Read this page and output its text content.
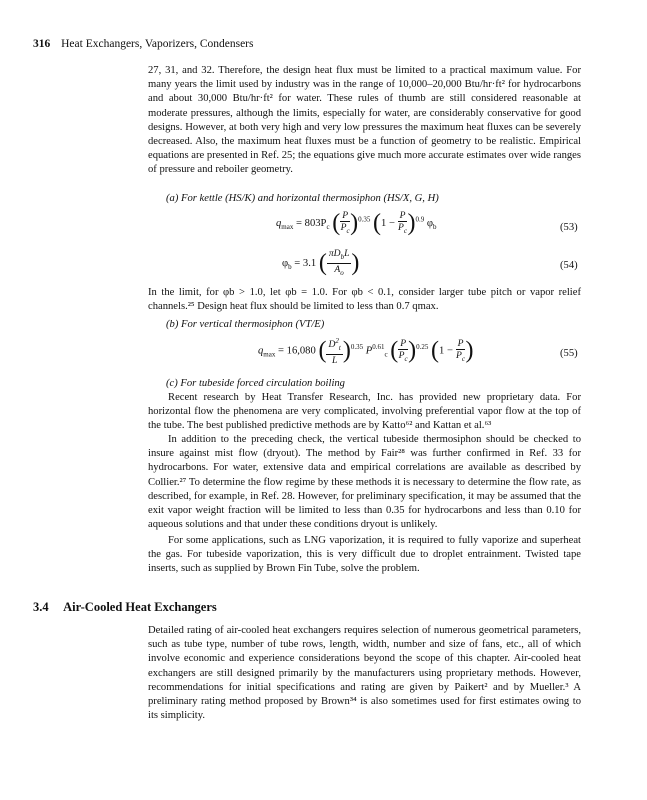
316 Heat Exchangers, Vaporizers, Condensers

27, 31, and 32. Therefore, the design heat flux must be limited to a practical maximum value. For many years the limit used by industry was in the range of 10,000–20,000 Btu/hr·ft² for hydrocarbons and about 30,000 Btu/hr·ft² for water. These rules of thumb are still considered reasonable at moderate pressures, although the limits, especially for water, are considerably conservative for good designs. However, at both very high and very low pressures the maximum heat fluxes can be severely decreased. Also, the maximum heat fluxes must be a function of geometry to be realistic. Empirical equations are presented in Ref. 25; the equations give much more accurate estimates over wide ranges of pressure and reboiler geometry.

(a) For kettle (HS/K) and horizontal thermosiphon (HS/X, G, H)
$q_{max} = 803P_c$ ( $\frac{P}{P_c} )^{0.35}$ $(1 - \frac{P}{P_c} )^{0.9}$ $\varphi_b$	(53)
$\varphi_b = 3.1$ ( $\frac{\pi D_bL}{A_o}$ )	(54)

In the limit, for φb > 1.0, let φb = 1.0. For φb < 0.1, consider larger tube pitch or vapor relief channels.²⁵ Design heat flux should be limited to less than 0.7 qmax.

(b) For vertical thermosiphon (VT/E)
$q_{max} = 16,080$ ( $\frac{D^2_t}{L} )^{0.35}$ $P^{0.61}_c$ ( $\frac{P}{P_c} )^{0.25}$ ($1 - \frac{P}{P_c}$ )	(55)
(c) For tubeside forced circulation boiling

Recent research by Heat Transfer Research, Inc. has provided new proprietary data. For horizontal flow the phenomena are very complicated, involving preferential vapor flow at the top of the tube. The best published predictive methods are by Katto⁶² and Kattan et al.⁶³

In addition to the preceding check, the vertical tubeside thermosiphon should be checked to insure against mist flow (dryout). The method by Fair²⁸ was further confirmed in Ref. 33 for hydrocarbons. For water, extensive data and empirical correlations are available as described by Collier.²⁷ To determine the flow regime by these methods it is necessary to determine the flow rate, as described, for example, in Ref. 28. However, for preliminary specification, it may be assumed that the exit vapor weight fraction will be limited to less than 0.35 for hydrocarbons and less than 0.10 for aqueous solutions and that under these conditions dryout is unlikely.

For some applications, such as LNG vaporization, it is required to fully vaporize and superheat the gas. For tubeside vaporization, this is very difficult due to droplet entrainment. Twisted tape inserts, such as supplied by Brown Fin Tube, solve the problem.

3.4 Air-Cooled Heat Exchangers

Detailed rating of air-cooled heat exchangers requires selection of numerous geometrical parameters, such as tube type, number of tube rows, length, width, number and size of fans, etc., all of which involve economic and experience considerations beyond the scope of this chapter. Air-cooled heat exchangers are still designed primarily by the manufacturers using proprietary methods. However, recommendations for initial specifications and rating are given by Paikert² and by Mueller.³ A preliminary rating method proposed by Brown³⁴ is also sometimes used for first estimates owing to its simplicity.
